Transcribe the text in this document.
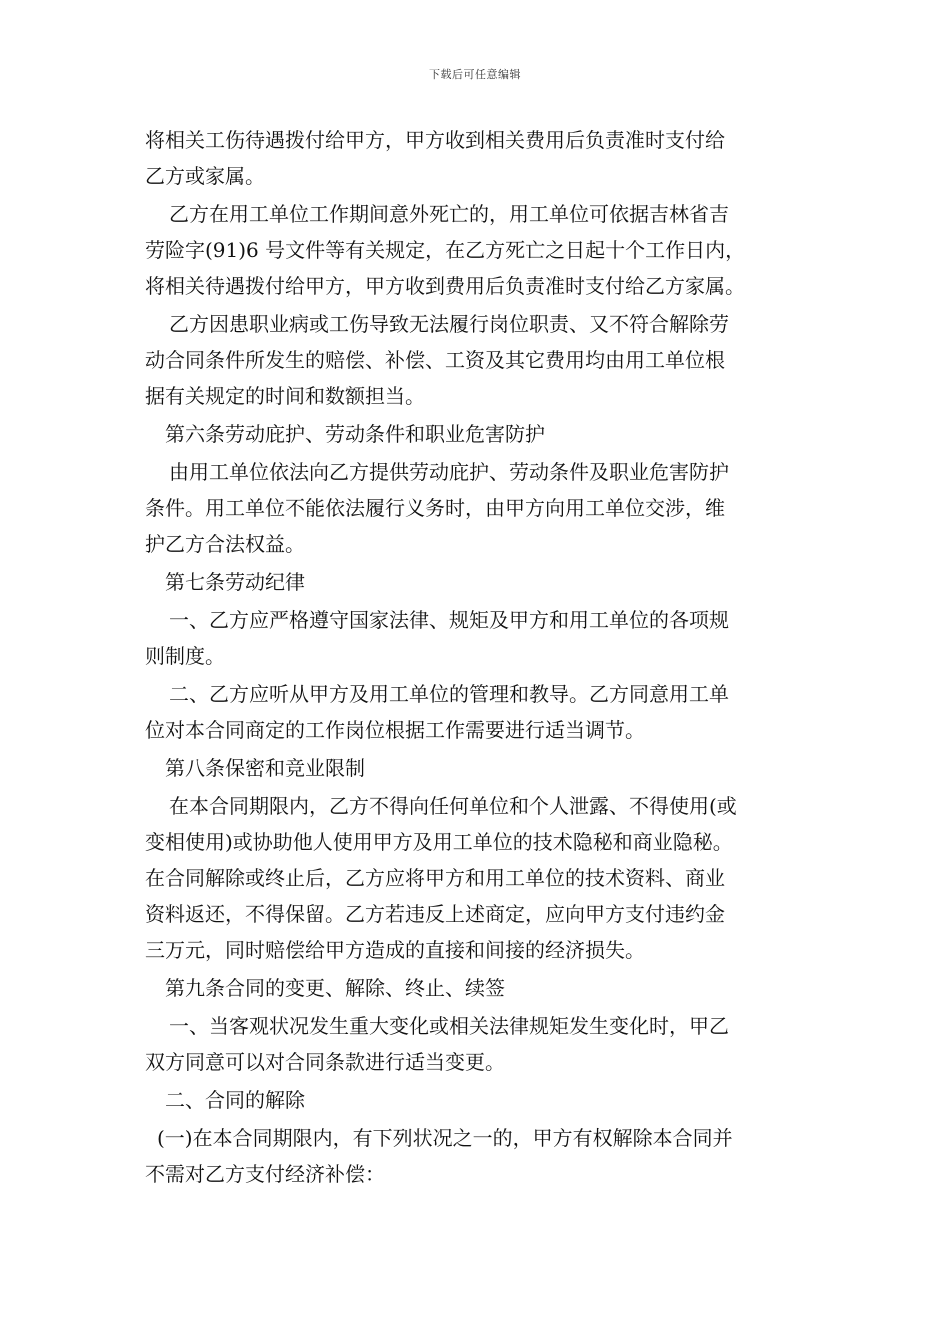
下载后可任意编辑
将相关工伤待遇拨付给甲方，甲方收到相关费用后负责准时支付给
乙方或家属。
乙方在用工单位工作期间意外死亡的，用工单位可依据吉林省吉
劳险字(91)6 号文件等有关规定，在乙方死亡之日起十个工作日内，
将相关待遇拨付给甲方，甲方收到费用后负责准时支付给乙方家属。
乙方因患职业病或工伤导致无法履行岗位职责、又不符合解除劳
动合同条件所发生的赔偿、补偿、工资及其它费用均由用工单位根
据有关规定的时间和数额担当。
第六条劳动庇护、劳动条件和职业危害防护
由用工单位依法向乙方提供劳动庇护、劳动条件及职业危害防护
条件。用工单位不能依法履行义务时，由甲方向用工单位交涉，维
护乙方合法权益。
第七条劳动纪律
一、乙方应严格遵守国家法律、规矩及甲方和用工单位的各项规
则制度。
二、乙方应听从甲方及用工单位的管理和教导。乙方同意用工单
位对本合同商定的工作岗位根据工作需要进行适当调节。
第八条保密和竞业限制
在本合同期限内，乙方不得向任何单位和个人泄露、不得使用(或
变相使用)或协助他人使用甲方及用工单位的技术隐秘和商业隐秘。
在合同解除或终止后，乙方应将甲方和用工单位的技术资料、商业
资料返还，不得保留。乙方若违反上述商定，应向甲方支付违约金
三万元，同时赔偿给甲方造成的直接和间接的经济损失。
第九条合同的变更、解除、终止、续签
一、当客观状况发生重大变化或相关法律规矩发生变化时，甲乙
双方同意可以对合同条款进行适当变更。
二、合同的解除
(一)在本合同期限内，有下列状况之一的，甲方有权解除本合同并
不需对乙方支付经济补偿：
